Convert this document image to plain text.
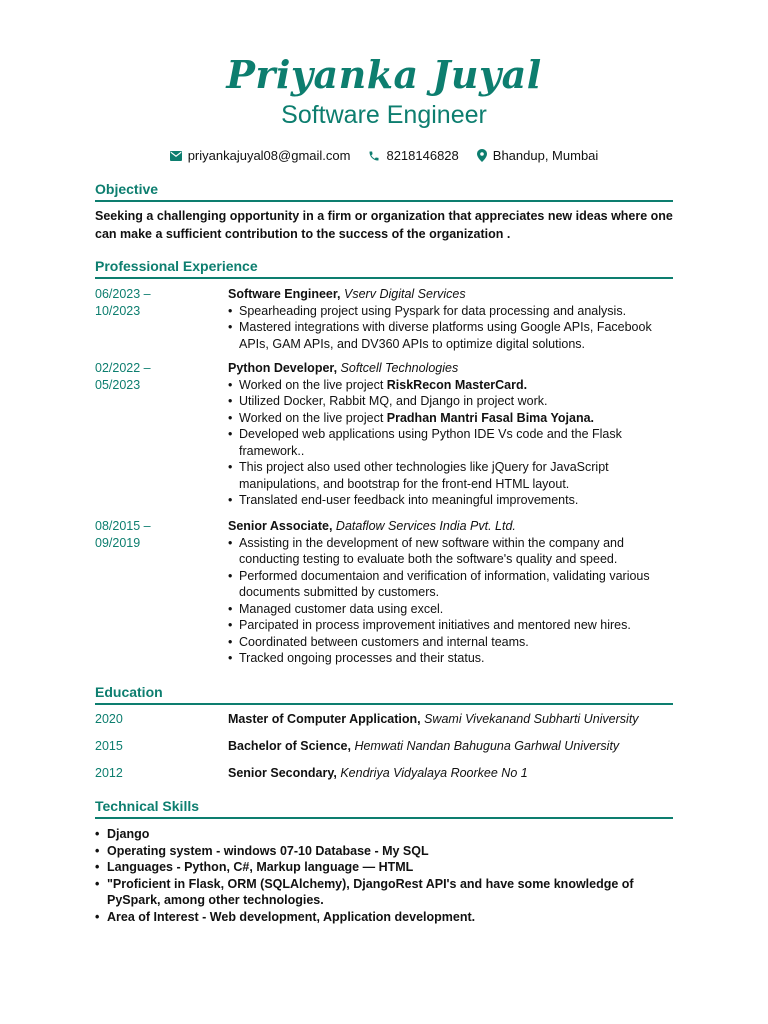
Priyanka Juyal
Software Engineer
priyankajuyal08@gmail.com	8218146828	Bhandup, Mumbai
Objective
Seeking a challenging opportunity in a firm or organization that appreciates new ideas where one can make a sufficient contribution to the success of the organization .
Professional Experience
06/2023 –
10/2023
Software Engineer, Vserv Digital Services
• Spearheading project using Pyspark for data processing and analysis.
• Mastered integrations with diverse platforms using Google APIs, Facebook APIs, GAM APIs, and DV360 APIs to optimize digital solutions.
02/2022 –
05/2023
Python Developer, Softcell Technologies
• Worked on the live project RiskRecon MasterCard.
• Utilized Docker, Rabbit MQ, and Django in project work.
• Worked on the live project Pradhan Mantri Fasal Bima Yojana.
• Developed web applications using Python IDE Vs code and the Flask framework..
• This project also used other technologies like jQuery for JavaScript manipulations, and bootstrap for the front-end HTML layout.
• Translated end-user feedback into meaningful improvements.
08/2015 –
09/2019
Senior Associate, Dataflow Services India Pvt. Ltd.
• Assisting in the development of new software within the company and conducting testing to evaluate both the software's quality and speed.
• Performed documentaion and verification of information, validating various documents submitted by customers.
• Managed customer data using excel.
• Parcipated in process improvement initiatives and mentored new hires.
• Coordinated between customers and internal teams.
• Tracked ongoing processes and their status.
Education
2020	Master of Computer Application, Swami Vivekanand Subharti University
2015	Bachelor of Science, Hemwati Nandan Bahuguna Garhwal University
2012	Senior Secondary, Kendriya Vidyalaya Roorkee No 1
Technical Skills
• Django
• Operating system - windows 07-10 Database - My SQL
• Languages - Python, C#, Markup language — HTML
• "Proficient in Flask, ORM (SQLAlchemy), DjangoRest API's and have some knowledge of PySpark, among other technologies.
• Area of Interest - Web development, Application development.
